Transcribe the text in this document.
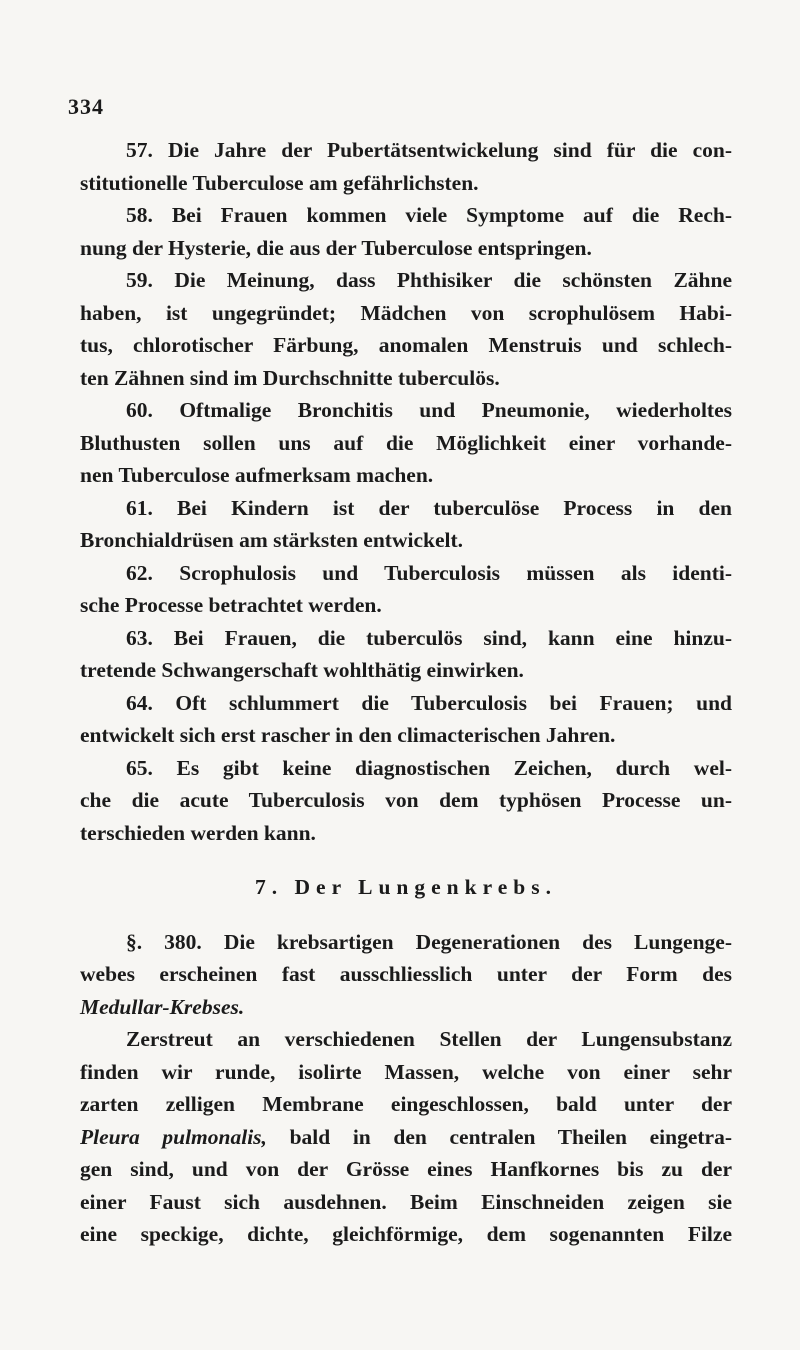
334
57. Die Jahre der Pubertätsentwickelung sind für die con-
stitutionelle Tuberculose am gefährlichsten.
58. Bei Frauen kommen viele Symptome auf die Rech-
nung der Hysterie, die aus der Tuberculose entspringen.
59. Die Meinung, dass Phthisiker die schönsten Zähne
haben, ist ungegründet; Mädchen von scrophulösem Habi-
tus, chlorotischer Färbung, anomalen Menstruis und schlech-
ten Zähnen sind im Durchschnitte tuberculös.
60. Oftmalige Bronchitis und Pneumonie, wiederholtes
Bluthusten sollen uns auf die Möglichkeit einer vorhande-
nen Tuberculose aufmerksam machen.
61. Bei Kindern ist der tuberculöse Process in den
Bronchialdrüsen am stärksten entwickelt.
62. Scrophulosis und Tuberculosis müssen als identi-
sche Processe betrachtet werden.
63. Bei Frauen, die tuberculös sind, kann eine hinzu-
tretende Schwangerschaft wohlthätig einwirken.
64. Oft schlummert die Tuberculosis bei Frauen; und
entwickelt sich erst rascher in den climacterischen Jahren.
65. Es gibt keine diagnostischen Zeichen, durch wel-
che die acute Tuberculosis von dem typhösen Processe un-
terschieden werden kann.
7. Der Lungenkrebs.
§. 380. Die krebsartigen Degenerationen des Lungenge-
webes erscheinen fast ausschliesslich unter der Form des
Medullar-Krebses.
Zerstreut an verschiedenen Stellen der Lungensubstanz
finden wir runde, isolirte Massen, welche von einer sehr
zarten zelligen Membrane eingeschlossen, bald unter der
Pleura pulmonalis, bald in den centralen Theilen eingetra-
gen sind, und von der Grösse eines Hanfkornes bis zu der
einer Faust sich ausdehnen. Beim Einschneiden zeigen sie
eine speckige, dichte, gleichförmige, dem sogenannten Filze
